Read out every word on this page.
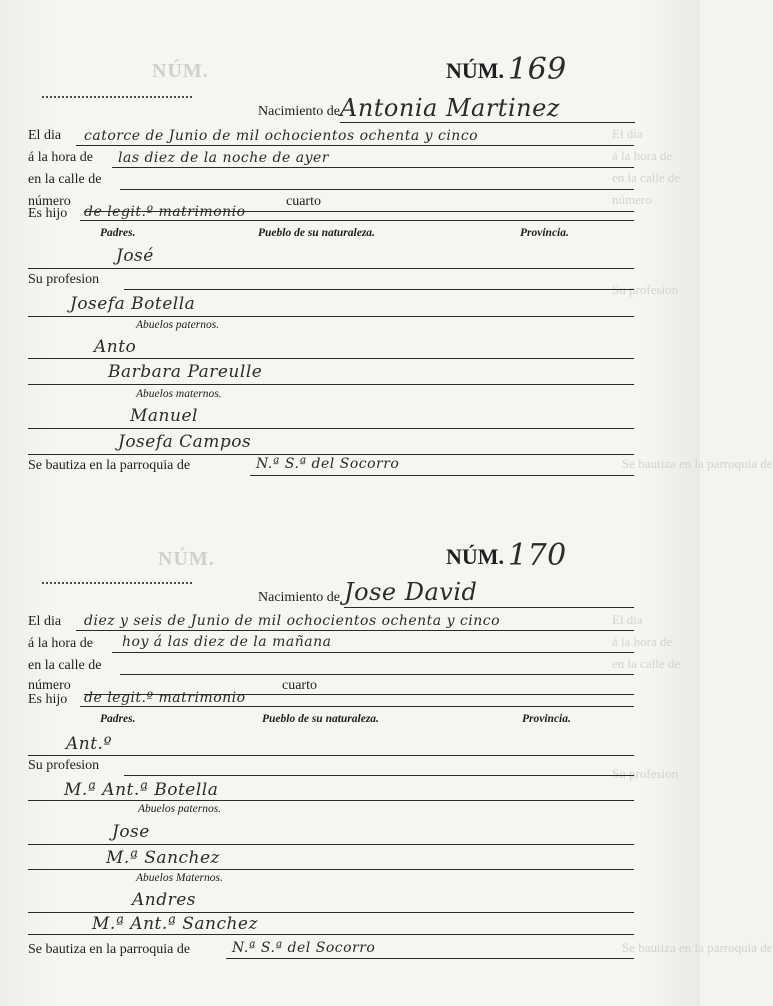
NÚM.
NÚM.
El dia
á la hora de
en la calle de
número
Su profesion
Se bautiza en la parroquia de
El dia
á la hora de
en la calle de
Su profesion
Se bautiza en la parroquia de
NÚM. 169
Nacimiento de Antonia Martinez
El dia catorce de Junio de mil ochocientos ochenta y cinco
á la hora de las diez de la noche de ayer
en la calle de
número	cuarto
Es hijo de legit.º matrimonio
Padres.	Pueblo de su naturaleza.	Provincia.
José
Su profesion
Josefa Botella
Abuelos paternos.
Anto
Barbara Pareulle
Abuelos maternos.
Manuel
Josefa Campos
Se bautiza en la parroquia de	N.ª S.ª del Socorro
NÚM. 170
Nacimiento de Jose David
El dia diez y seis de Junio de mil ochocientos ochenta y cinco
á la hora de hoy á las diez de la mañana
en la calle de
número	cuarto
Es hijo de legit.º matrimonio
Padres.	Pueblo de su naturaleza.	Provincia.
Ant.º
Su profesion
M.ª Ant.ª Botella
Abuelos paternos.
Jose
M.ª Sanchez
Abuelos Maternos.
Andres
M.ª Ant.ª Sanchez
Se bautiza en la parroquia de	N.ª S.ª del Socorro
